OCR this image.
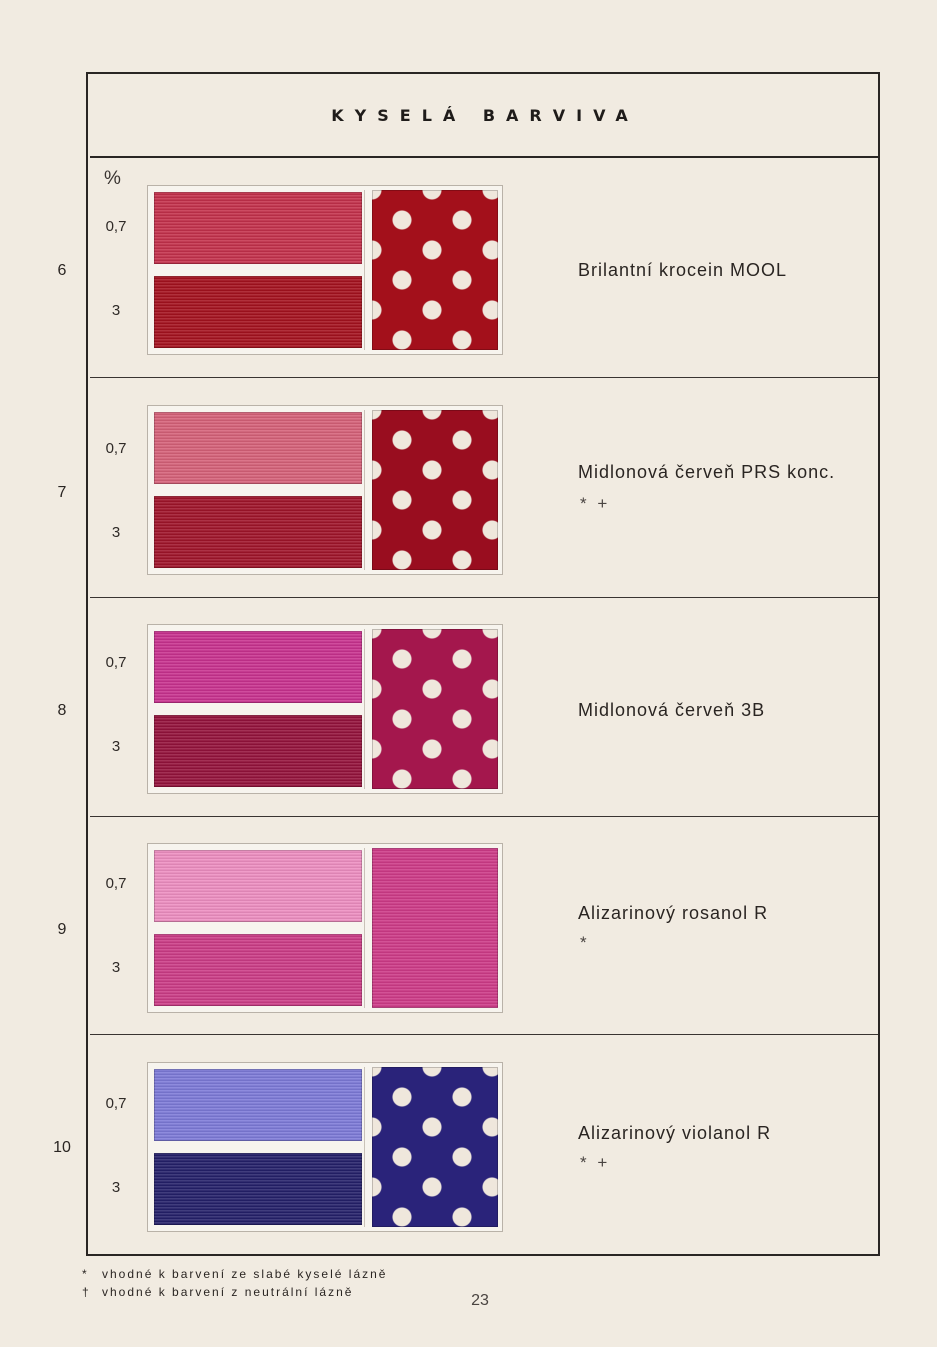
KYSELÁ BARVIVA
%
6
0,7
3
Brilantní krocein MOOL
7
0,7
3
Midlonová červeň PRS konc.
* +
8
0,7
3
Midlonová červeň 3B
9
0,7
3
Alizarinový rosanol R
*
10
0,7
3
Alizarinový violanol R
* +
* vhodné k barvení ze slabé kyselé lázně
† vhodné k barvení z neutrální lázně	23
